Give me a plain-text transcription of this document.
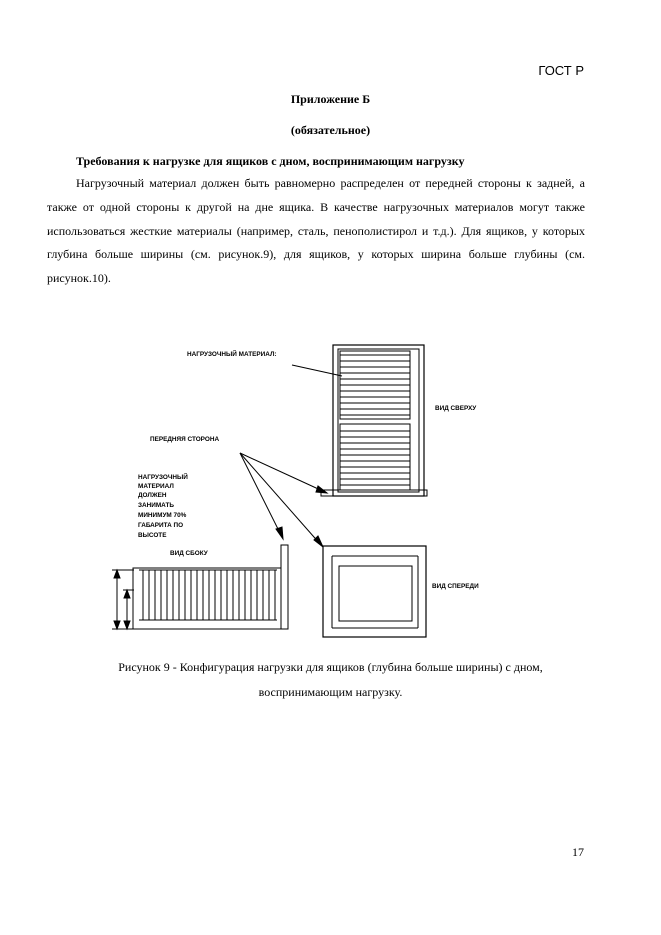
ГОСТ Р
Приложение Б
(обязательное)
Требования к нагрузке для ящиков с дном, воспринимающим нагрузку
Нагрузочный материал должен быть равномерно распределен от передней стороны к задней, а также от одной стороны к другой на дне ящика. В качестве нагрузочных материалов могут также использоваться жесткие материалы (например, сталь, пенополистирол и т.д.). Для ящиков, у которых глубина больше ширины (см. рисунок.9), для ящиков, у которых ширина больше глубины (см. рисунок.10).
НАГРУЗОЧНЫЙ МАТЕРИАЛ:
ВИД СВЕРХУ
ПЕРЕДНЯЯ СТОРОНА
НАГРУЗОЧНЫЙ
МАТЕРИАЛ
ДОЛЖЕН
ЗАНИМАТЬ
МИНИМУМ 70%
ГАБАРИТА ПО
ВЫСОТЕ
ВИД СБОКУ
ВИД СПЕРЕДИ
Рисунок 9 - Конфигурация нагрузки для ящиков (глубина больше ширины) с дном,
воспринимающим нагрузку.
17
